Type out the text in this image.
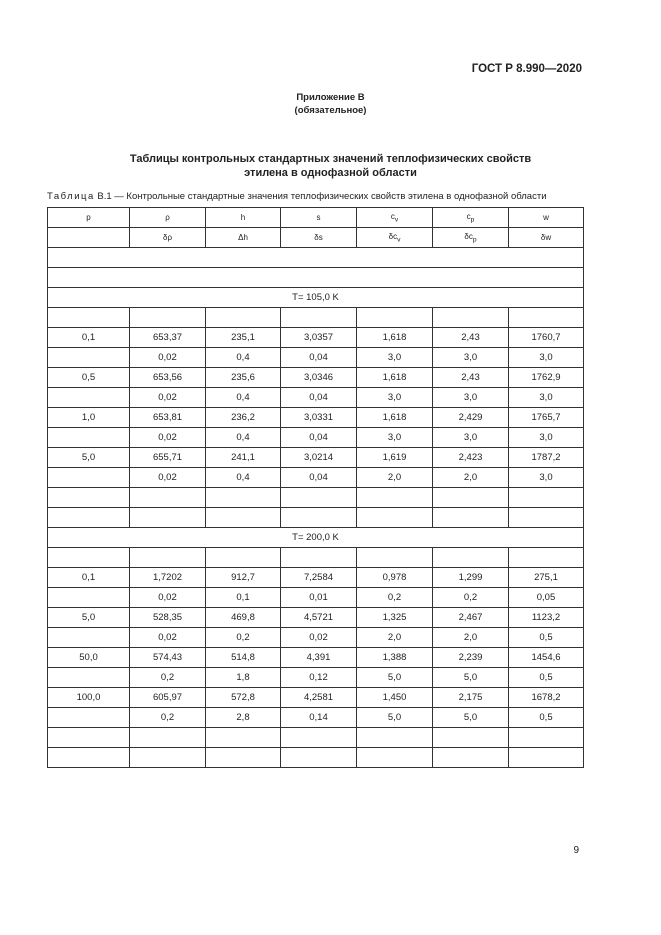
ГОСТ Р 8.990—2020
Приложение В
(обязательное)
Таблицы контрольных стандартных значений теплофизических свойств
этилена в однофазной области
Таблица В.1 — Контрольные стандартные значения теплофизических свойств этилена в однофазной области
p	ρ	h	s	$c_v$	$c_p$	w
	δρ	Δh	δs	$\delta c_v$	$\delta c_p$	δw

T= 105,0 K						

0,1	653,37	235,1	3,0357	1,618	2,43	1760,7
	0,02	0,4	0,04	3,0	3,0	3,0
0,5	653,56	235,6	3,0346	1,618	2,43	1762,9
	0,02	0,4	0,04	3,0	3,0	3,0
1,0	653,81	236,2	3,0331	1,618	2,429	1765,7
	0,02	0,4	0,04	3,0	3,0	3,0
5,0	655,71	241,1	3,0214	1,619	2,423	1787,2
	0,02	0,4	0,04	2,0	2,0	3,0

T= 200,0 K						

0,1	1,7202	912,7	7,2584	0,978	1,299	275,1
	0,02	0,1	0,01	0,2	0,2	0,05
5,0	528,35	469,8	4,5721	1,325	2,467	1123,2
	0,02	0,2	0,02	2,0	2,0	0,5
50,0	574,43	514,8	4,391	1,388	2,239	1454,6
	0,2	1,8	0,12	5,0	5,0	0,5
100,0	605,97	572,8	4,2581	1,450	2,175	1678,2
	0,2	2,8	0,14	5,0	5,0	0,5

9
